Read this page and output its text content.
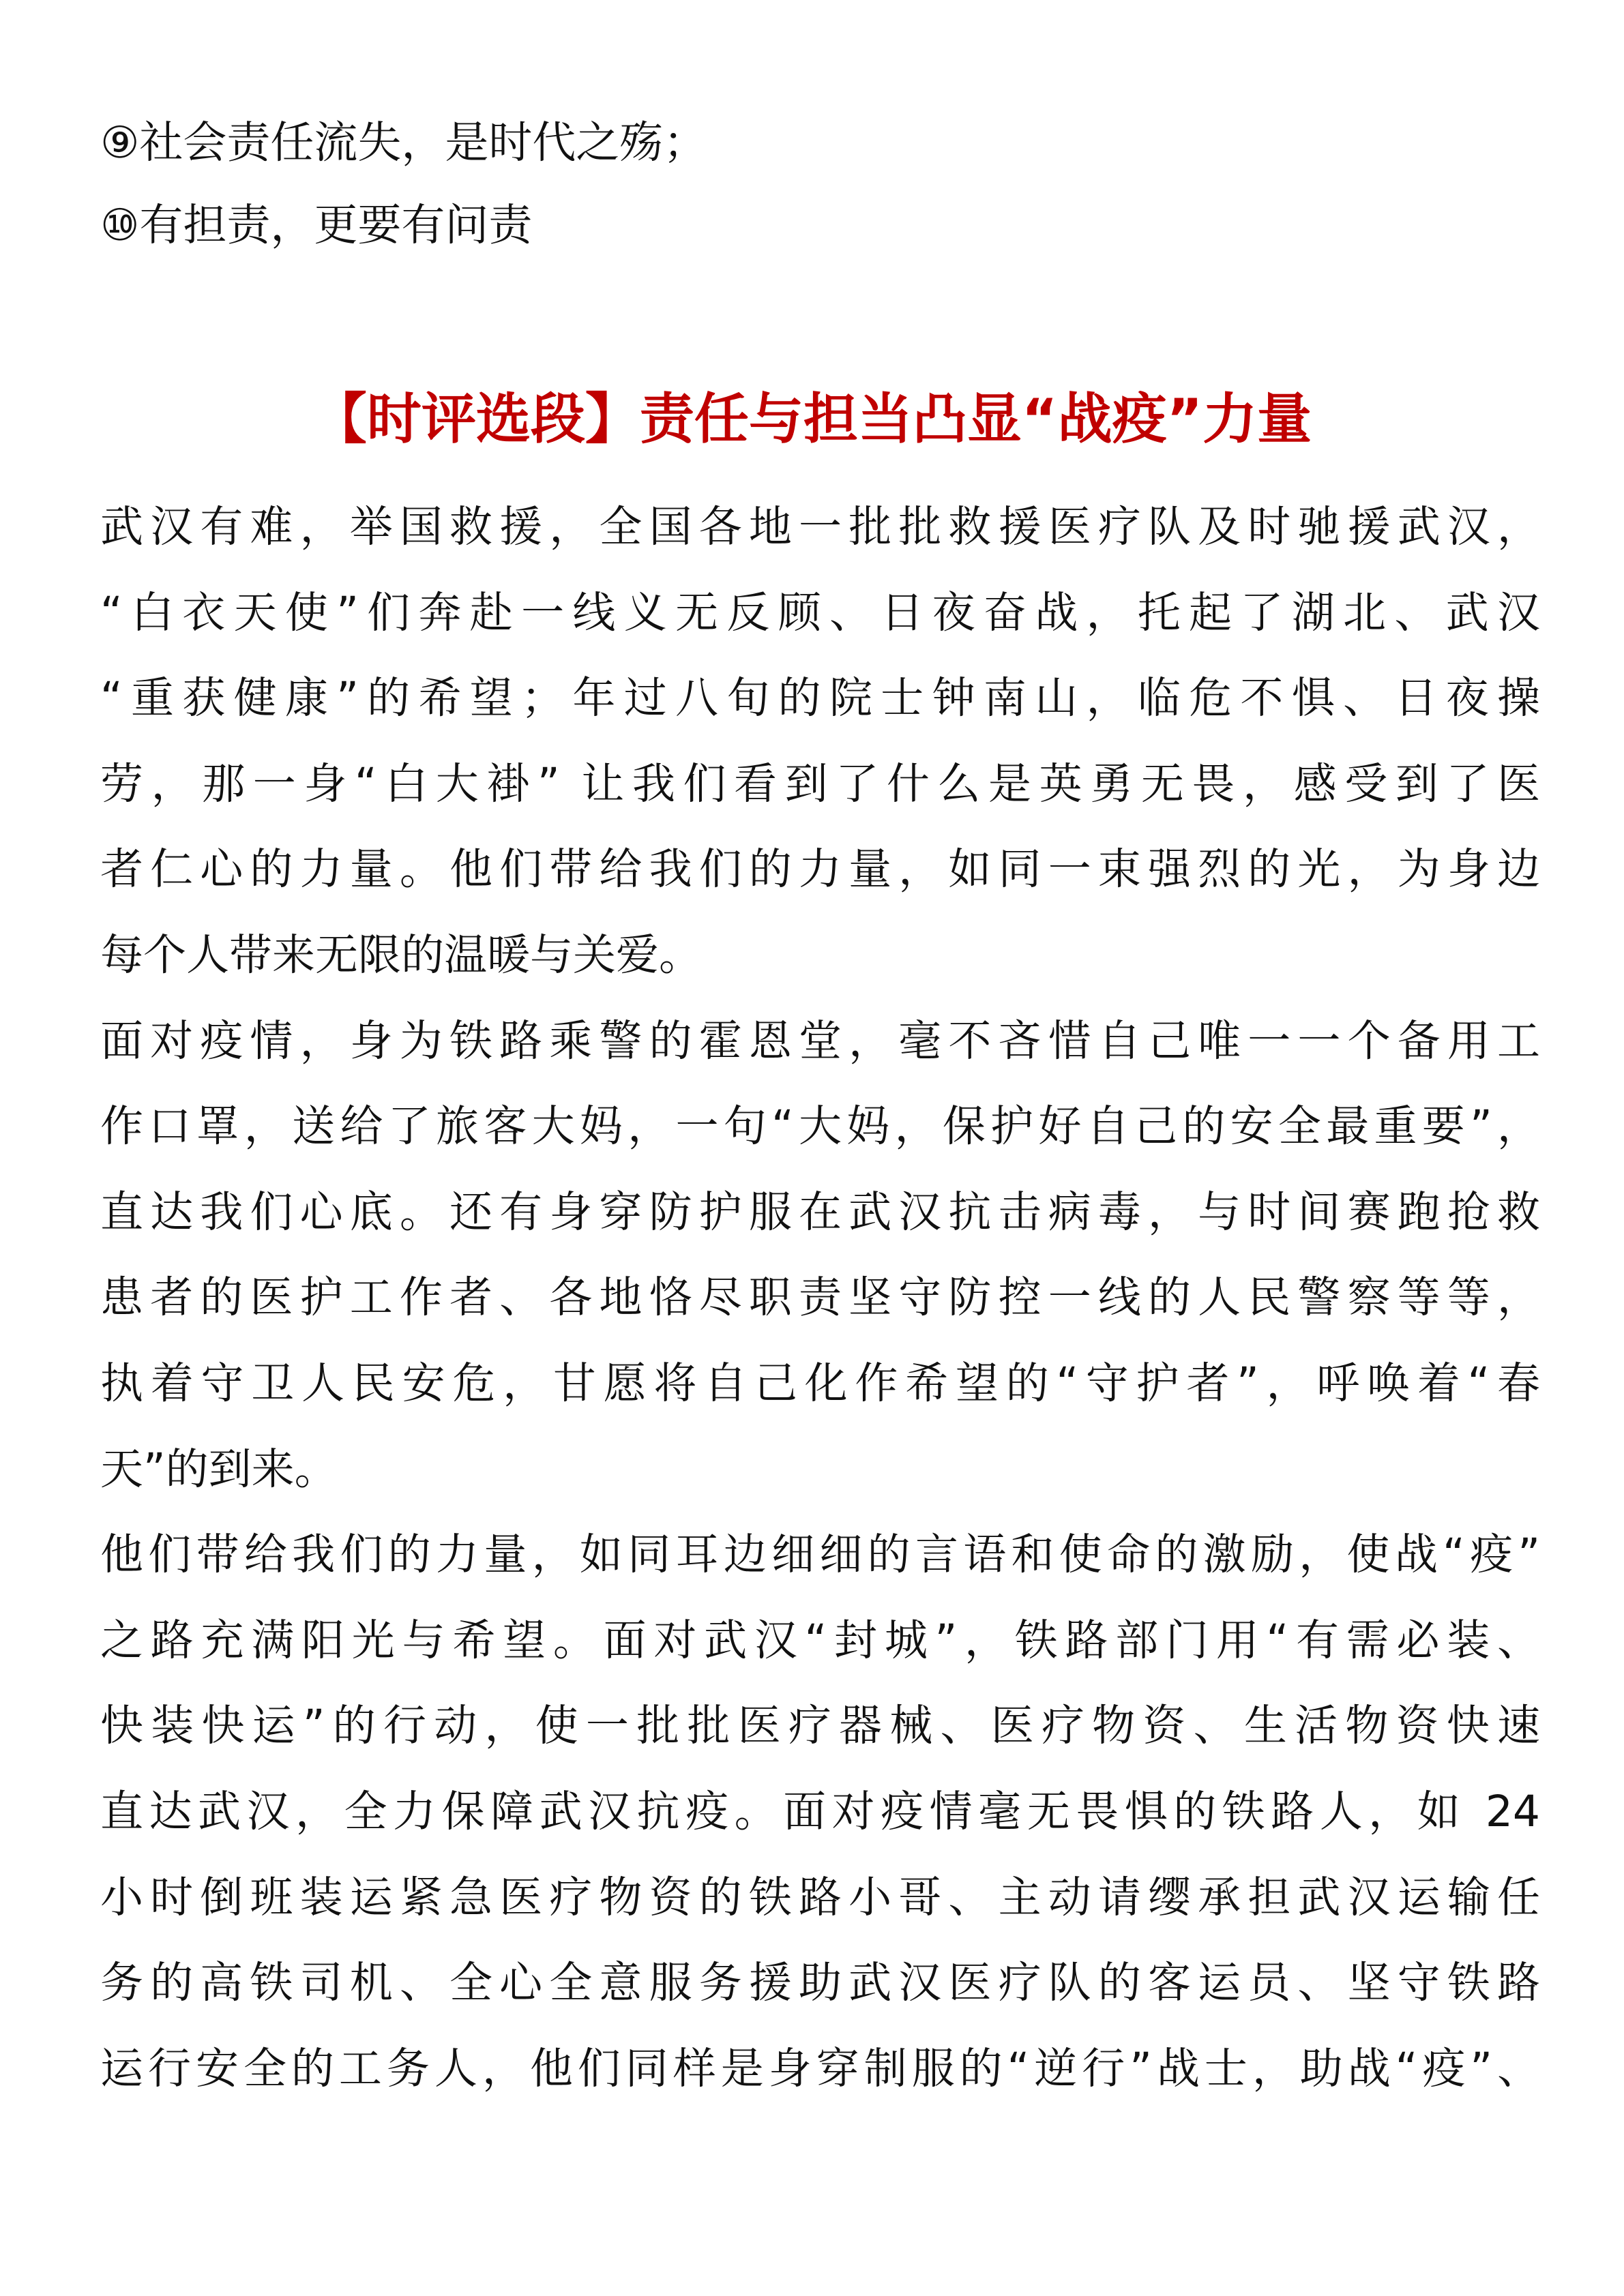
⑨社会责任流失，是时代之殇；
⑩有担责，更要有问责
【时评选段】责任与担当凸显“战疫”力量
武汉有难，举国救援，全国各地一批批救援医疗队及时驰援武汉，
“白衣天使”们奔赴一线义无反顾、日夜奋战，托起了湖北、武汉
“重获健康”的希望；年过八旬的院士钟南山，临危不惧、日夜操
劳，那一身“白大褂” 让我们看到了什么是英勇无畏，感受到了医
者仁心的力量。他们带给我们的力量，如同一束强烈的光，为身边
每个人带来无限的温暖与关爱。
面对疫情，身为铁路乘警的霍恩堂，毫不吝惜自己唯一一个备用工
作口罩，送给了旅客大妈，一句“大妈，保护好自己的安全最重要”，
直达我们心底。还有身穿防护服在武汉抗击病毒，与时间赛跑抢救
患者的医护工作者、各地恪尽职责坚守防控一线的人民警察等等，
执着守卫人民安危，甘愿将自己化作希望的“守护者”，呼唤着“春
天”的到来。
他们带给我们的力量，如同耳边细细的言语和使命的激励，使战“疫”
之路充满阳光与希望。面对武汉“封城”，铁路部门用“有需必装、
快装快运”的行动，使一批批医疗器械、医疗物资、生活物资快速
直达武汉，全力保障武汉抗疫。面对疫情毫无畏惧的铁路人，如 24
小时倒班装运紧急医疗物资的铁路小哥、主动请缨承担武汉运输任
务的高铁司机、全心全意服务援助武汉医疗队的客运员、坚守铁路
运行安全的工务人，他们同样是身穿制服的“逆行”战士，助战“疫”、
